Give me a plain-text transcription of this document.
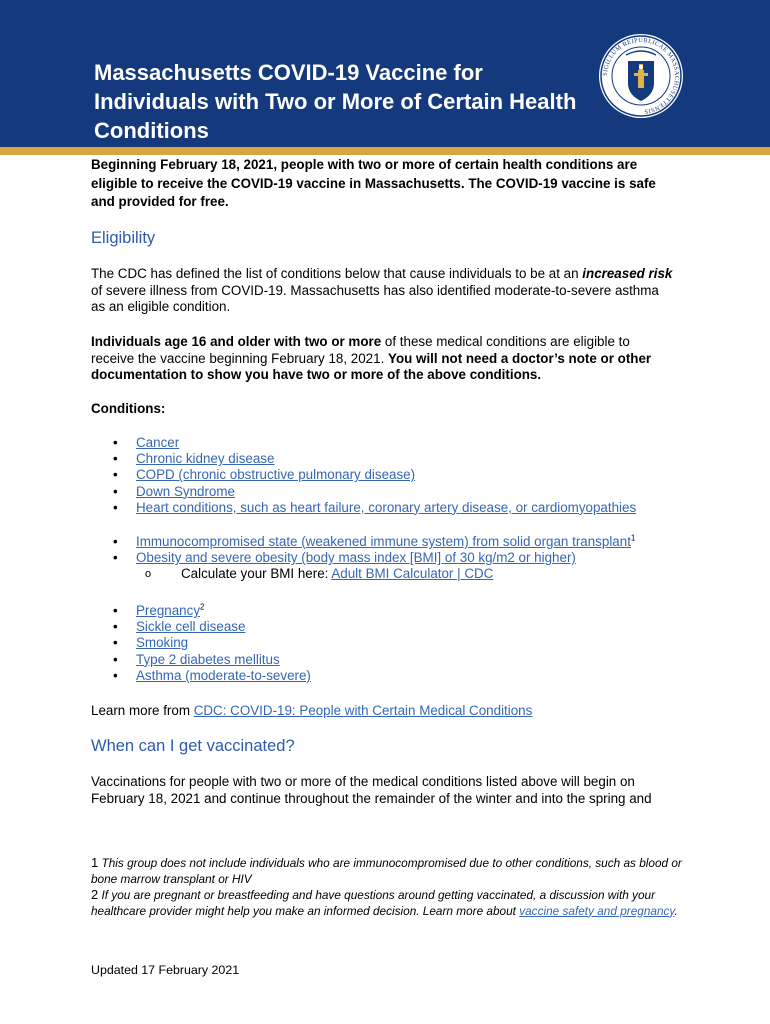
Massachusetts COVID-19 Vaccine for Individuals with Two or More of Certain Health Conditions
SIGILLUM REIPUBLICAE MASSACHUSETTENSIS

Beginning February 18, 2021, people with two or more of certain health conditions are eligible to receive the COVID-19 vaccine in Massachusetts. The COVID-19 vaccine is safe and provided for free.

Eligibility

The CDC has defined the list of conditions below that cause individuals to be at an increased risk of severe illness from COVID-19. Massachusetts has also identified moderate-to-severe asthma as an eligible condition.

Individuals age 16 and older with two or more of these medical conditions are eligible to receive the vaccine beginning February 18, 2021. You will not need a doctor’s note or other documentation to show you have two or more of the above conditions.

Conditions:

• Cancer
• Chronic kidney disease
• COPD (chronic obstructive pulmonary disease)
• Down Syndrome
• Heart conditions, such as heart failure, coronary artery disease, or cardiomyopathies
• Immunocompromised state (weakened immune system) from solid organ transplant$^1$
• Obesity and severe obesity (body mass index [BMI] of 30 kg/m2 or higher)
o Calculate your BMI here: Adult BMI Calculator | CDC
• Pregnancy$^2$
• Sickle cell disease
• Smoking
• Type 2 diabetes mellitus
• Asthma (moderate-to-severe)

Learn more from CDC: COVID-19: People with Certain Medical Conditions

When can I get vaccinated?

Vaccinations for people with two or more of the medical conditions listed above will begin on February 18, 2021 and continue throughout the remainder of the winter and into the spring and

1 This group does not include individuals who are immunocompromised due to other conditions, such as blood or bone marrow transplant or HIV
2 If you are pregnant or breastfeeding and have questions around getting vaccinated, a discussion with your healthcare provider might help you make an informed decision. Learn more about vaccine safety and pregnancy.

Updated 17 February 2021
